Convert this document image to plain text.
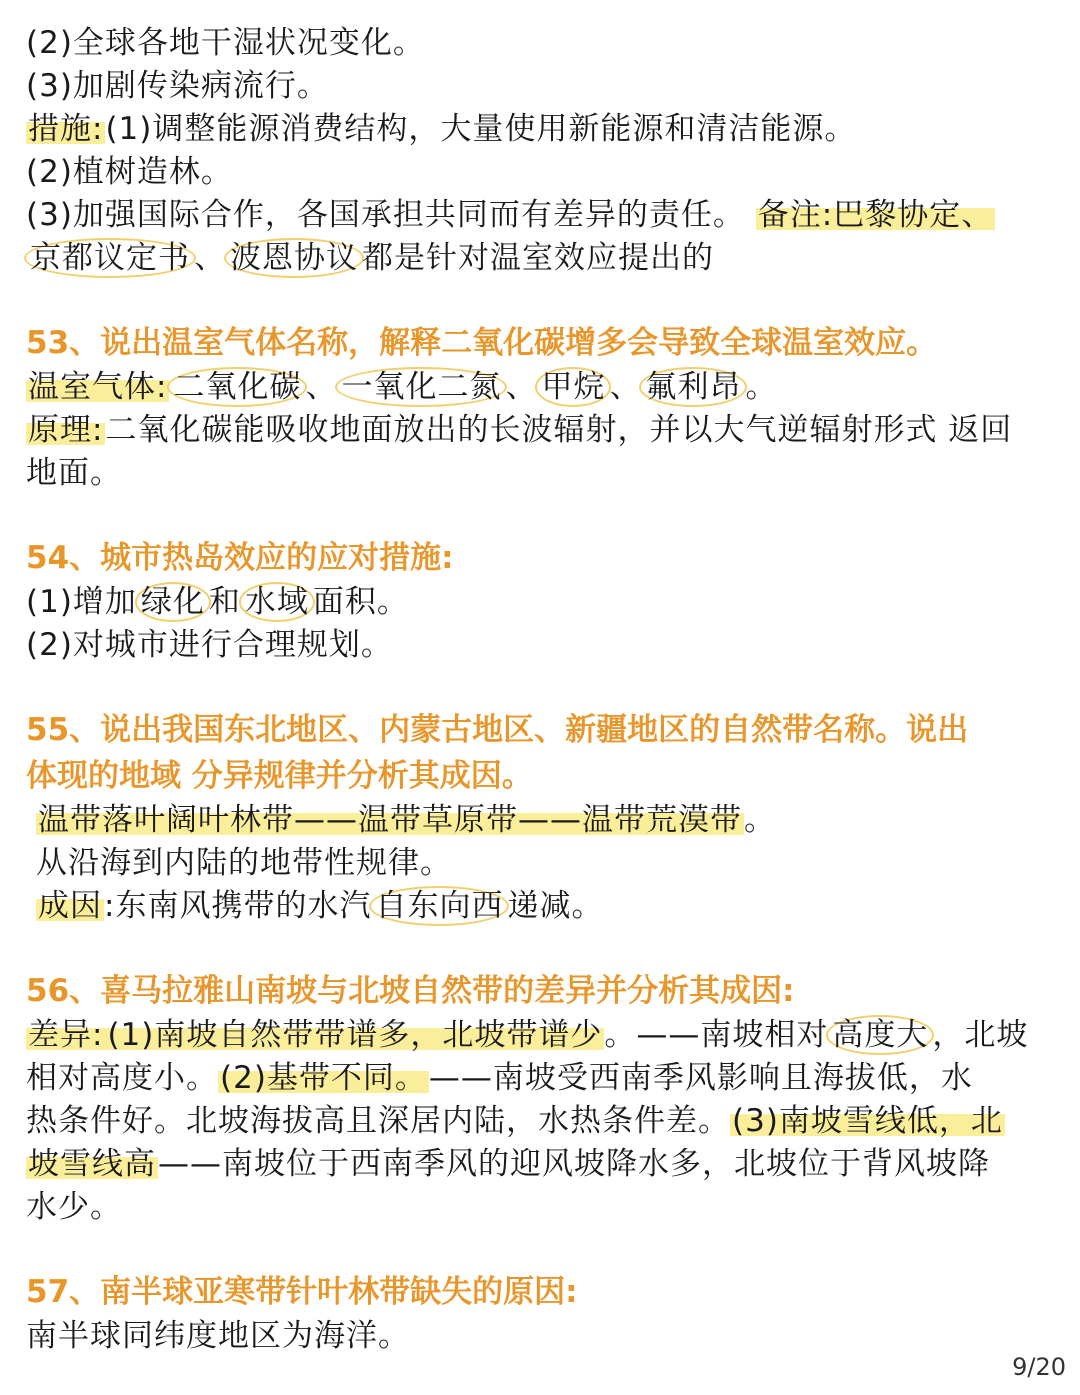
(2)全球各地干湿状况变化。
(3)加剧传染病流行。
措施:(1)调整能源消费结构，大量使用新能源和清洁能源。
(2)植树造林。
(3)加强国际合作，各国承担共同而有差异的责任。 备注:巴黎协定、
京都议定书 、 波恩协议 都是针对温室效应提出的
53、说出温室气体名称，解释二氧化碳增多会导致全球温室效应。
温室气体: 二氧化碳 、 一氧化二氮 、 甲烷 、 氟利昂 。
原理:二氧化碳能吸收地面放出的长波辐射，并以大气逆辐射形式 返回
地面。
54、城市热岛效应的应对措施:
(1)增加 绿化 和 水域 面积。
(2)对城市进行合理规划。
55、说出我国东北地区、内蒙古地区、新疆地区的自然带名称。说出
体现的地域 分异规律并分析其成因。
温带落叶阔叶林带——温带草原带——温带荒漠带。
从沿海到内陆的地带性规律。
成因:东南风携带的水汽 自东向西 递减。
56、喜马拉雅山南坡与北坡自然带的差异并分析其成因:
差异: (1)南坡自然带带谱多，北坡带谱少。——南坡相对 高度大 ，北坡
相对高度小。(2)基带不同。——南坡受西南季风影响且海拔低，水
热条件好。北坡海拔高且深居内陆，水热条件差。(3)南坡雪线低，北
坡雪线高——南坡位于西南季风的迎风坡降水多，北坡位于背风坡降
水少。
57、南半球亚寒带针叶林带缺失的原因:
南半球同纬度地区为海洋。
9/20
